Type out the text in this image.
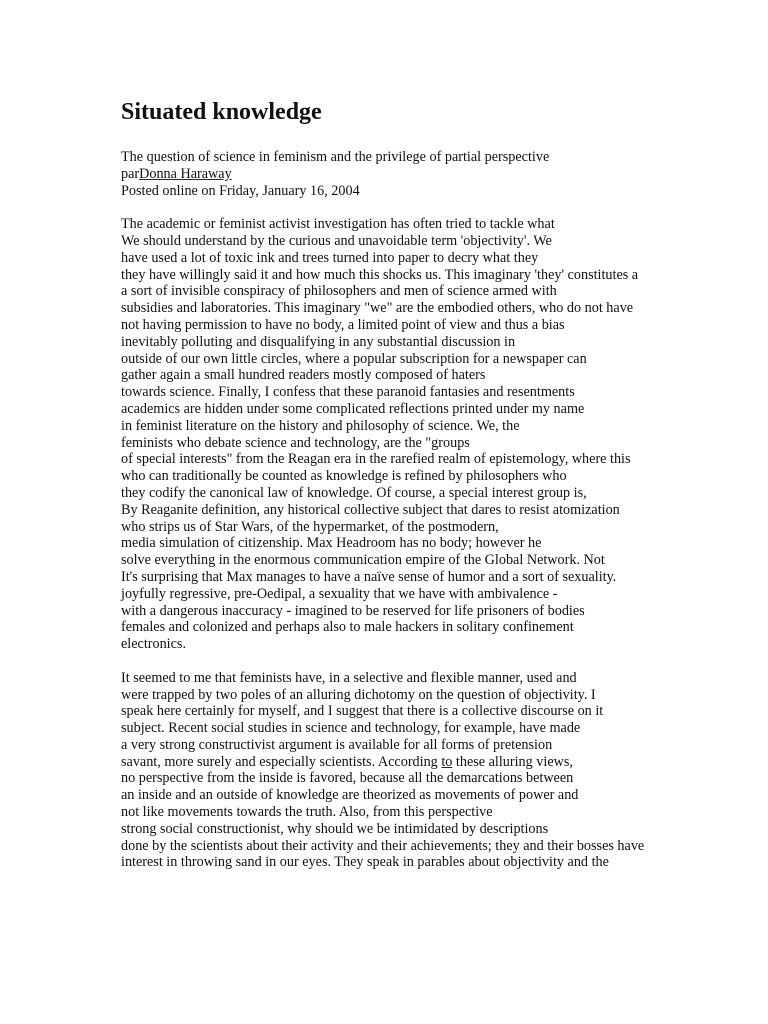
Situated knowledge
The question of science in feminism and the privilege of partial perspective
parDonna Haraway
Posted online on Friday, January 16, 2004
The academic or feminist activist investigation has often tried to tackle what
We should understand by the curious and unavoidable term 'objectivity'. We
have used a lot of toxic ink and trees turned into paper to decry what they
they have willingly said it and how much this shocks us. This imaginary 'they' constitutes a
a sort of invisible conspiracy of philosophers and men of science armed with
subsidies and laboratories. This imaginary "we" are the embodied others, who do not have
not having permission to have no body, a limited point of view and thus a bias
inevitably polluting and disqualifying in any substantial discussion in
outside of our own little circles, where a popular subscription for a newspaper can
gather again a small hundred readers mostly composed of haters
towards science. Finally, I confess that these paranoid fantasies and resentments
academics are hidden under some complicated reflections printed under my name
in feminist literature on the history and philosophy of science. We, the
feminists who debate science and technology, are the "groups
of special interests" from the Reagan era in the rarefied realm of epistemology, where this
who can traditionally be counted as knowledge is refined by philosophers who
they codify the canonical law of knowledge. Of course, a special interest group is,
By Reaganite definition, any historical collective subject that dares to resist atomization
who strips us of Star Wars, of the hypermarket, of the postmodern,
media simulation of citizenship. Max Headroom has no body; however he
solve everything in the enormous communication empire of the Global Network. Not
It's surprising that Max manages to have a naïve sense of humor and a sort of sexuality.
joyfully regressive, pre-Oedipal, a sexuality that we have with ambivalence -
with a dangerous inaccuracy - imagined to be reserved for life prisoners of bodies
females and colonized and perhaps also to male hackers in solitary confinement
electronics.
It seemed to me that feminists have, in a selective and flexible manner, used and
were trapped by two poles of an alluring dichotomy on the question of objectivity. I
speak here certainly for myself, and I suggest that there is a collective discourse on it
subject. Recent social studies in science and technology, for example, have made
a very strong constructivist argument is available for all forms of pretension
savant, more surely and especially scientists. According to these alluring views,
no perspective from the inside is favored, because all the demarcations between
an inside and an outside of knowledge are theorized as movements of power and
not like movements towards the truth. Also, from this perspective
strong social constructionist, why should we be intimidated by descriptions
done by the scientists about their activity and their achievements; they and their bosses have
interest in throwing sand in our eyes. They speak in parables about objectivity and the
